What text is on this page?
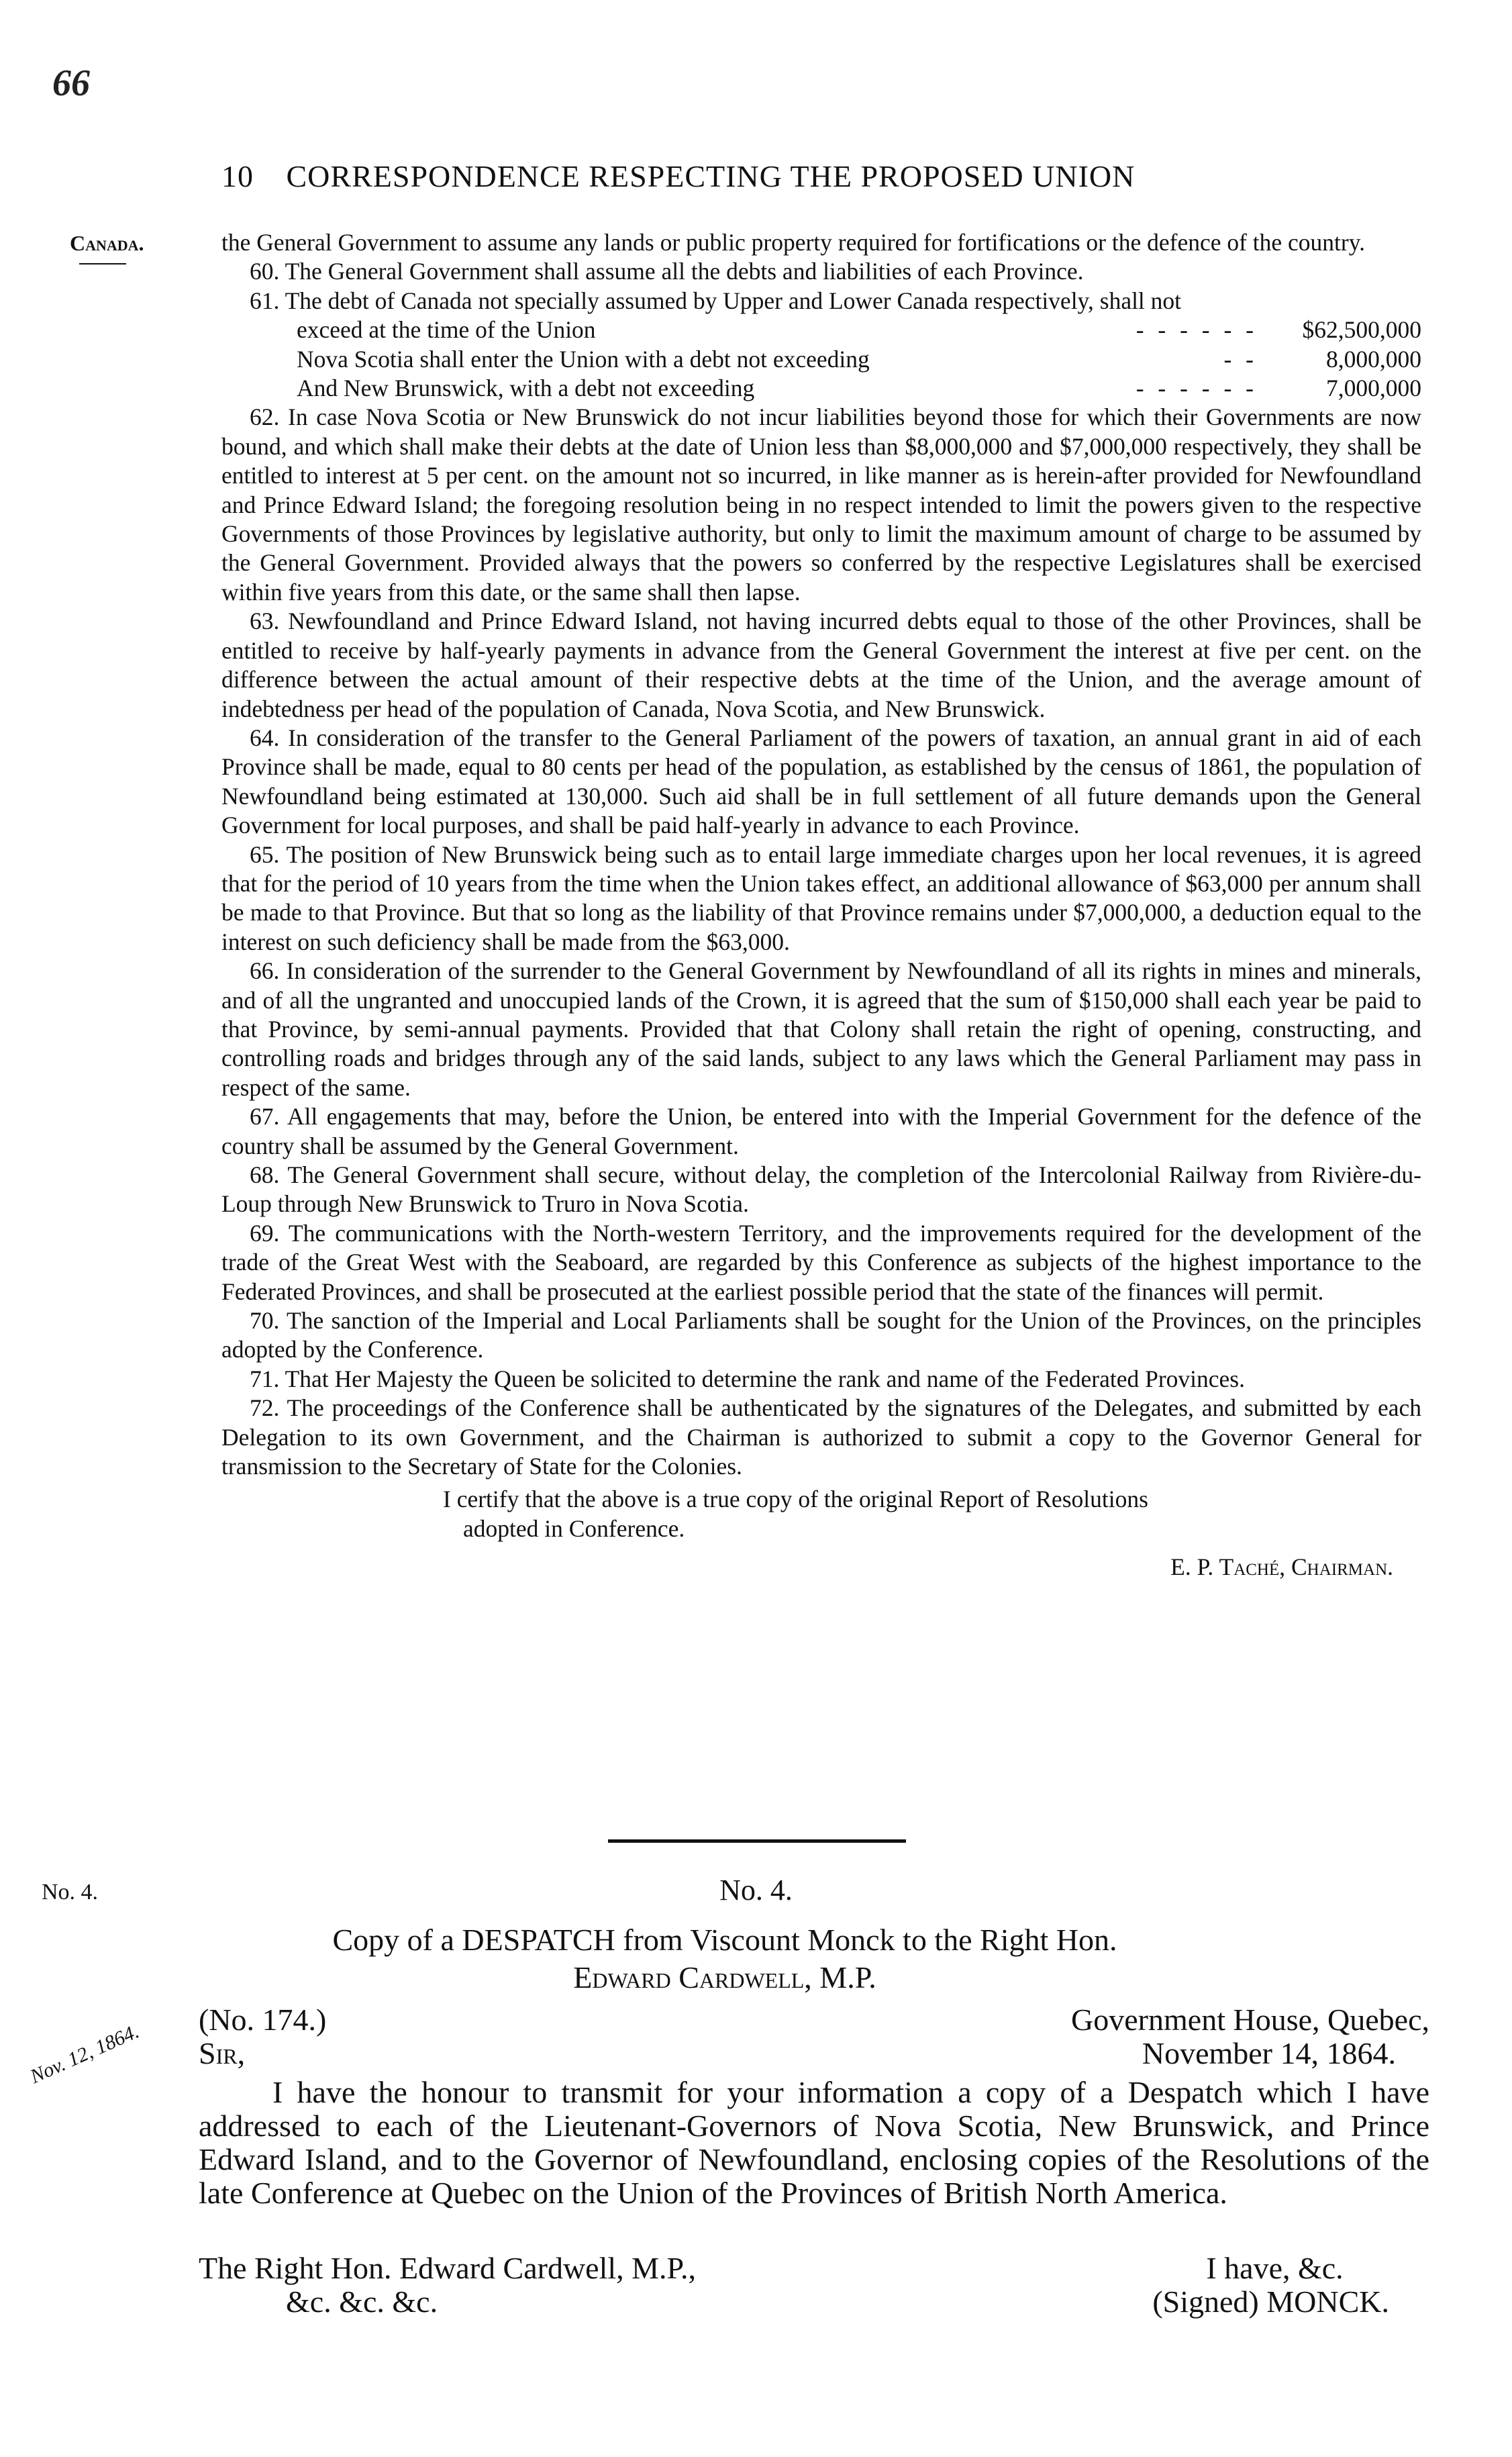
66
10 CORRESPONDENCE RESPECTING THE PROPOSED UNION
Canada.	the General Government to assume any lands or public property required for fortifications or the defence of the country.

60. The General Government shall assume all the debts and liabilities of each Province.

61. The debt of Canada not specially assumed by Upper and Lower Canada respectively, shall not

exceed at the time of the Union	- - - - - -	$62,500,000
Nova Scotia shall enter the Union with a debt not exceeding	- -	8,000,000
And New Brunswick, with a debt not exceeding	- - - - - -	7,000,000

62. In case Nova Scotia or New Brunswick do not incur liabilities beyond those for which their Governments are now bound, and which shall make their debts at the date of Union less than $8,000,000 and $7,000,000 respectively, they shall be entitled to interest at 5 per cent. on the amount not so incurred, in like manner as is herein-after provided for Newfoundland and Prince Edward Island; the foregoing resolution being in no respect intended to limit the powers given to the respective Governments of those Provinces by legislative authority, but only to limit the maximum amount of charge to be assumed by the General Government. Provided always that the powers so conferred by the respective Legislatures shall be exercised within five years from this date, or the same shall then lapse.

63. Newfoundland and Prince Edward Island, not having incurred debts equal to those of the other Provinces, shall be entitled to receive by half-yearly payments in advance from the General Government the interest at five per cent. on the difference between the actual amount of their respective debts at the time of the Union, and the average amount of indebtedness per head of the population of Canada, Nova Scotia, and New Brunswick.

64. In consideration of the transfer to the General Parliament of the powers of taxation, an annual grant in aid of each Province shall be made, equal to 80 cents per head of the population, as established by the census of 1861, the population of Newfoundland being estimated at 130,000. Such aid shall be in full settlement of all future demands upon the General Government for local purposes, and shall be paid half-yearly in advance to each Province.

65. The position of New Brunswick being such as to entail large immediate charges upon her local revenues, it is agreed that for the period of 10 years from the time when the Union takes effect, an additional allowance of $63,000 per annum shall be made to that Province. But that so long as the liability of that Province remains under $7,000,000, a deduction equal to the interest on such deficiency shall be made from the $63,000.

66. In consideration of the surrender to the General Government by Newfoundland of all its rights in mines and minerals, and of all the ungranted and unoccupied lands of the Crown, it is agreed that the sum of $150,000 shall each year be paid to that Province, by semi-annual payments. Provided that that Colony shall retain the right of opening, constructing, and controlling roads and bridges through any of the said lands, subject to any laws which the General Parliament may pass in respect of the same.

67. All engagements that may, before the Union, be entered into with the Imperial Government for the defence of the country shall be assumed by the General Government.

68. The General Government shall secure, without delay, the completion of the Intercolonial Railway from Rivière-du-Loup through New Brunswick to Truro in Nova Scotia.

69. The communications with the North-western Territory, and the improvements required for the development of the trade of the Great West with the Seaboard, are regarded by this Conference as subjects of the highest importance to the Federated Provinces, and shall be prosecuted at the earliest possible period that the state of the finances will permit.

70. The sanction of the Imperial and Local Parliaments shall be sought for the Union of the Provinces, on the principles adopted by the Conference.

71. That Her Majesty the Queen be solicited to determine the rank and name of the Federated Provinces.

72. The proceedings of the Conference shall be authenticated by the signatures of the Delegates, and submitted by each Delegation to its own Government, and the Chairman is authorized to submit a copy to the Governor General for transmission to the Secretary of State for the Colonies.

I certify that the above is a true copy of the original Report of Resolutions
adopted in Conference.
E. P. Taché, Chairman.
No. 4.
Nov. 12, 1864.
No. 4.
Copy of a DESPATCH from Viscount Monck to the Right Hon.
Edward Cardwell, M.P.
(No. 174.)	Government House, Quebec,
Sir,	November 14, 1864.

I have the honour to transmit for your information a copy of a Despatch which I have addressed to each of the Lieutenant-Governors of Nova Scotia, New Brunswick, and Prince Edward Island, and to the Governor of Newfoundland, enclosing copies of the Resolutions of the late Conference at Quebec on the Union of the Provinces of British North America.

The Right Hon. Edward Cardwell, M.P.,
&c. &c. &c.
I have, &c.
(Signed) MONCK.
